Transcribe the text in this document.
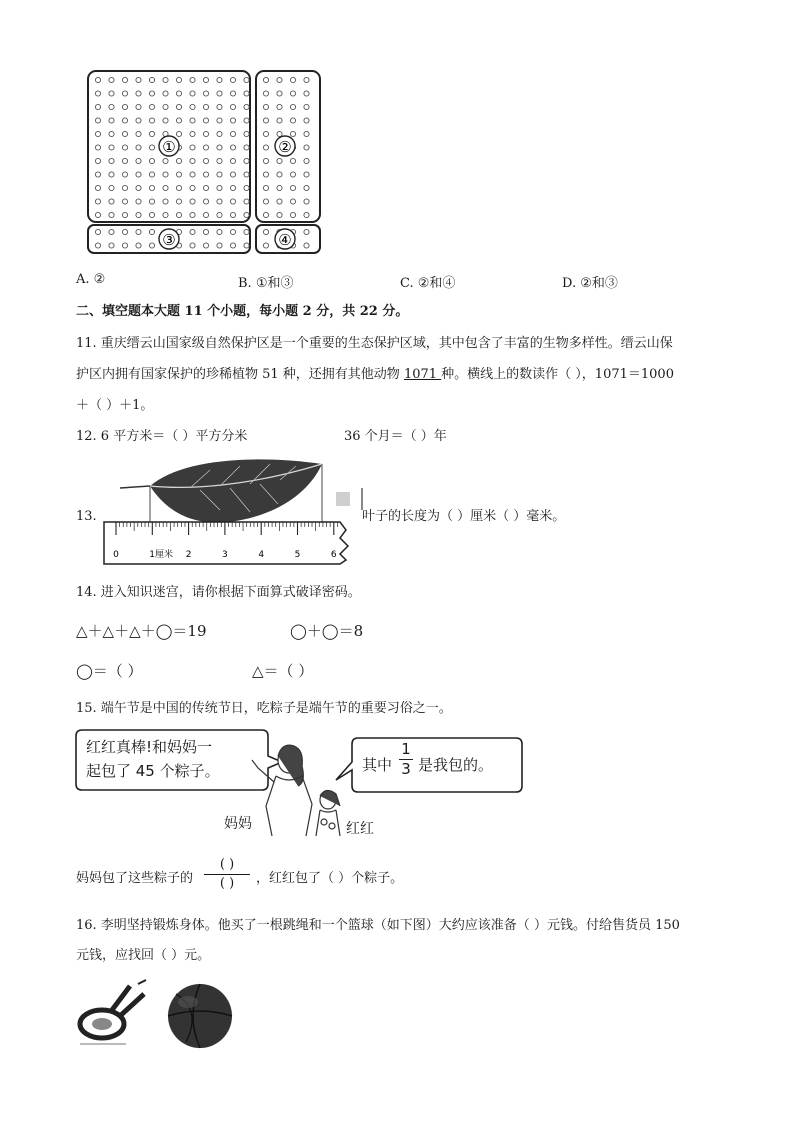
①	②
③	④
A. ②	B. ①和③	C. ②和④	D. ②和③
二、填空题本大题 11 个小题，每小题 2 分，共 22 分。
11. 重庆缙云山国家级自然保护区是一个重要的生态保护区域，其中包含了丰富的生物多样性。缙云山保
护区内拥有国家保护的珍稀植物 51 种，还拥有其他动物 1071 种。横线上的数读作（ ），1071＝1000
＋（ ）＋1。
12. 6 平方米＝（ ）平方分米	36 个月＝（ ）年
13.
0	1厘米 2	3	4	5	6
叶子的长度为（ ）厘米（ ）毫米。
14. 进入知识迷宫，请你根据下面算式破译密码。
△＋△＋△＋◯＝19	◯＋◯＝8
◯＝（ ）	△＝（ ）
15. 端午节是中国的传统节日，吃粽子是端午节的重要习俗之一。
红红真棒!和妈妈一
起包了 45 个粽子。	其中
1
3 是我包的。
妈妈	红红
妈妈包了这些粽子的
( )
( ) ，红红包了（ ）个粽子。
16. 李明坚持锻炼身体。他买了一根跳绳和一个篮球（如下图）大约应该准备（ ）元钱。付给售货员 150
元钱，应找回（ ）元。
